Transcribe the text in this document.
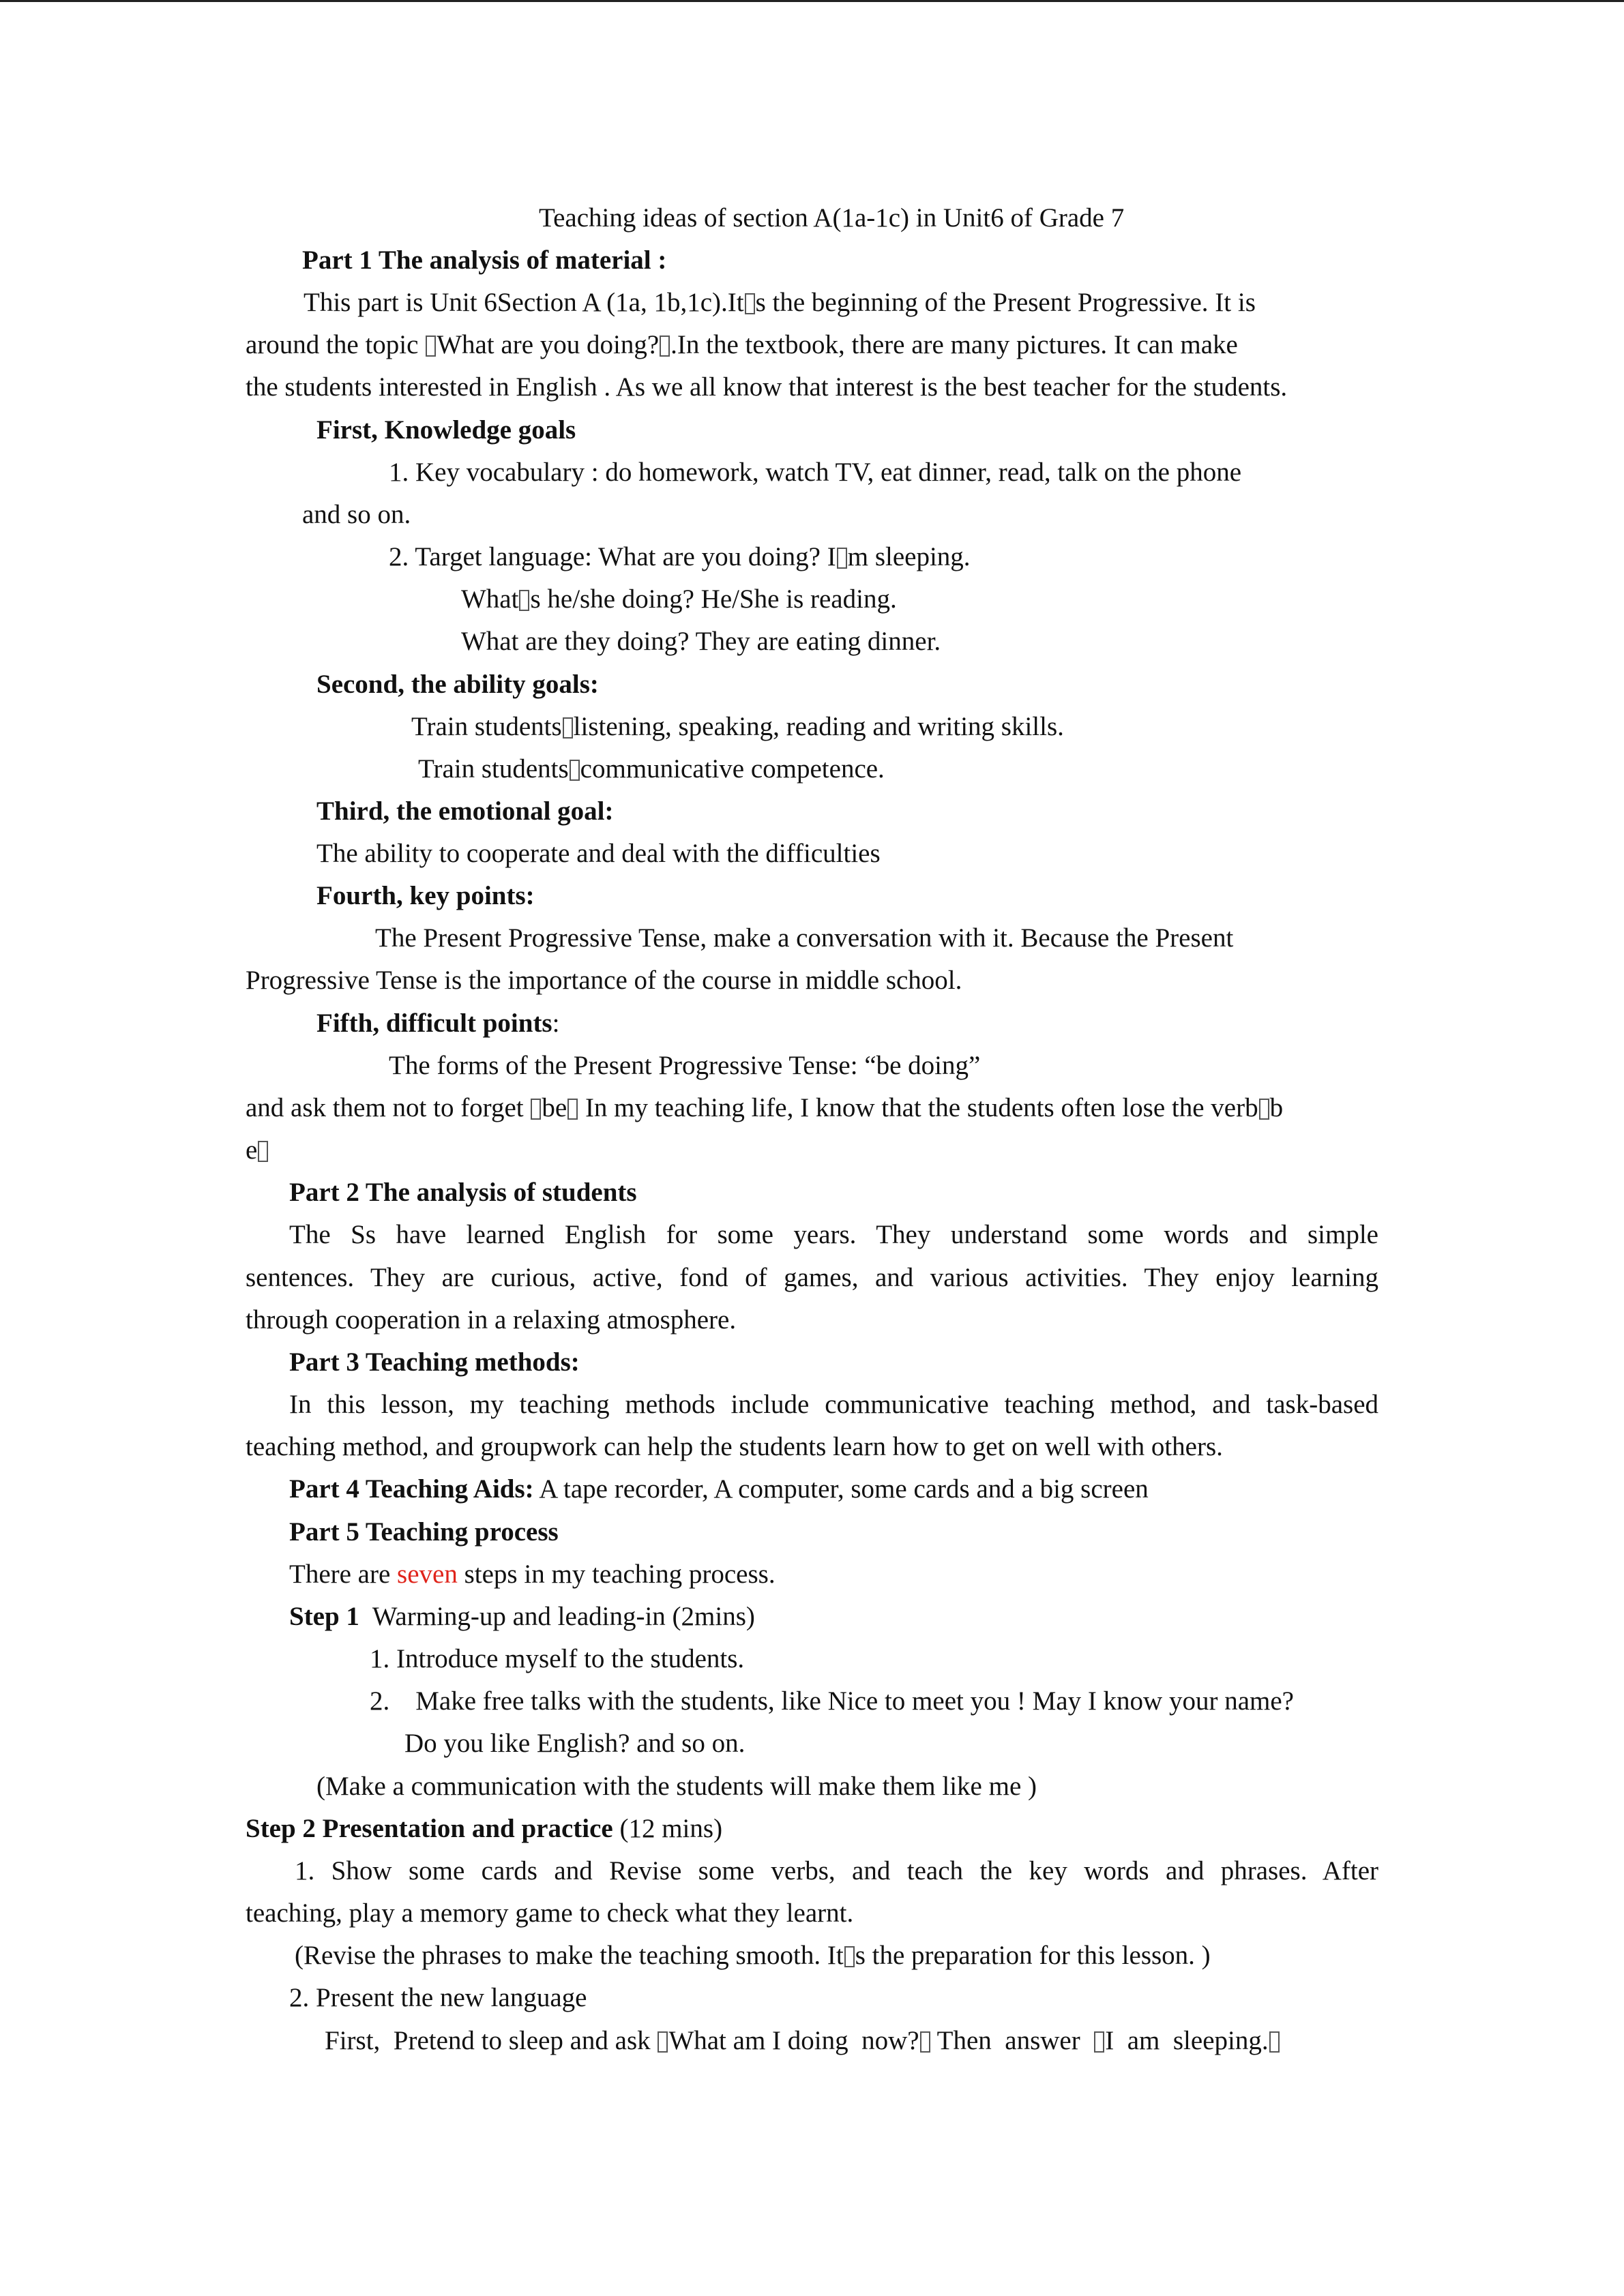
Teaching ideas of section A(1a-1c) in Unit6 of Grade 7
Part 1 The analysis of material :
This part is Unit 6Section A (1a, 1b,1c).It s the beginning of the Present Progressive. It is
around the topic What are you doing? .In the textbook, there are many pictures. It can make
the students interested in English . As we all know that interest is the best teacher for the students.
First, Knowledge goals
1. Key vocabulary : do homework, watch TV, eat dinner, read, talk on the phone
and so on.
2. Target language: What are you doing? I m sleeping.
What s he/she doing? He/She is reading.
What are they doing? They are eating dinner.
Second, the ability goals:
Train students listening, speaking, reading and writing skills.
Train students communicative competence.
Third, the emotional goal:
The ability to cooperate and deal with the difficulties
Fourth, key points:
The Present Progressive Tense, make a conversation with it. Because the Present
Progressive Tense is the importance of the course in middle school.
Fifth, difficult points:
The forms of the Present Progressive Tense: “be doing”
and ask them not to forget be In my teaching life, I know that the students often lose the verb b
e
Part 2 The analysis of students
The Ss have learned English for some years. They understand some words and simple
sentences. They are curious, active, fond of games, and various activities. They enjoy learning
through cooperation in a relaxing atmosphere.
Part 3 Teaching methods:
In this lesson, my teaching methods include communicative teaching method, and task-based
teaching method, and groupwork can help the students learn how to get on well with others.
Part 4 Teaching Aids: A tape recorder, A computer, some cards and a big screen
Part 5 Teaching process
There are seven steps in my teaching process.
Step 1  Warming-up and leading-in (2mins)
1. Introduce myself to the students.
2. Make free talks with the students, like Nice to meet you ! May I know your name?
Do you like English? and so on.
(Make a communication with the students will make them like me )
Step 2 Presentation and practice (12 mins)
1. Show some cards and Revise some verbs, and teach the key words and phrases. After
teaching, play a memory game to check what they learnt.
(Revise the phrases to make the teaching smooth. It s the preparation for this lesson. )
2. Present the new language
First,  Pretend to sleep and ask What am I doing  now? Then  answer  I  am  sleeping.
